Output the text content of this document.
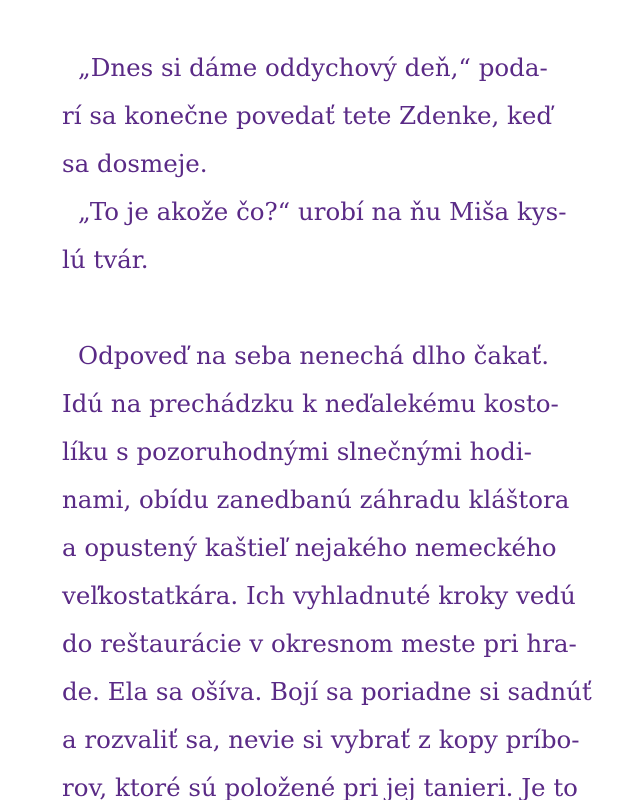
„Dnes si dáme oddychový deň,“ poda-
rí sa konečne povedať tete Zdenke, keď
sa dosmeje.

„To je akože čo?“ urobí na ňu Miša kys-
lú tvár.

Odpoveď na seba nenechá dlho čakať.
Idú na prechádzku k neďalekému kosto-
líku s pozoruhodnými slnečnými hodi-
nami, obídu zanedbanú záhradu kláštora
a opustený kaštieľ nejakého nemeckého
veľkostatkára. Ich vyhladnuté kroky vedú
do reštaurácie v okresnom meste pri hra-
de. Ela sa ošíva. Bojí sa poriadne si sadnúť
a rozvaliť sa, nevie si vybrať z kopy príbo-
rov, ktoré sú položené pri jej tanieri. Je to
